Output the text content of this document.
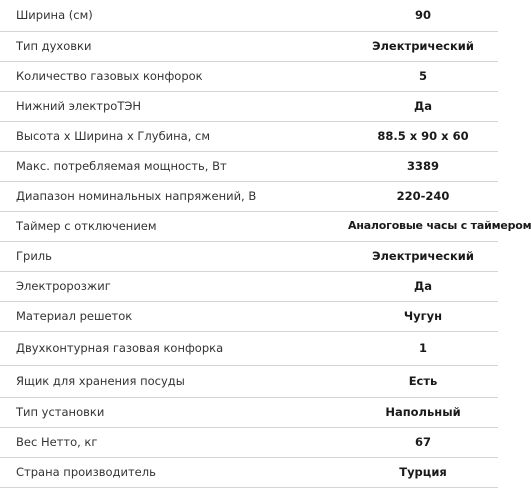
Ширина (см)	90
Тип духовки	Электрический
Количество газовых конфорок	5
Нижний электроТЭН	Да
Высота х Ширина х Глубина, см	88.5 x 90 x 60
Макс. потребляемая мощность, Вт	3389
Диапазон номинальных напряжений, В	220-240
Таймер с отключением	Аналоговые часы с таймером
Гриль	Электрический
Электророзжиг	Да
Материал решеток	Чугун
Двухконтурная газовая конфорка	1
Ящик для хранения посуды	Есть
Тип установки	Напольный
Вес Нетто, кг	67
Страна производитель	Турция
